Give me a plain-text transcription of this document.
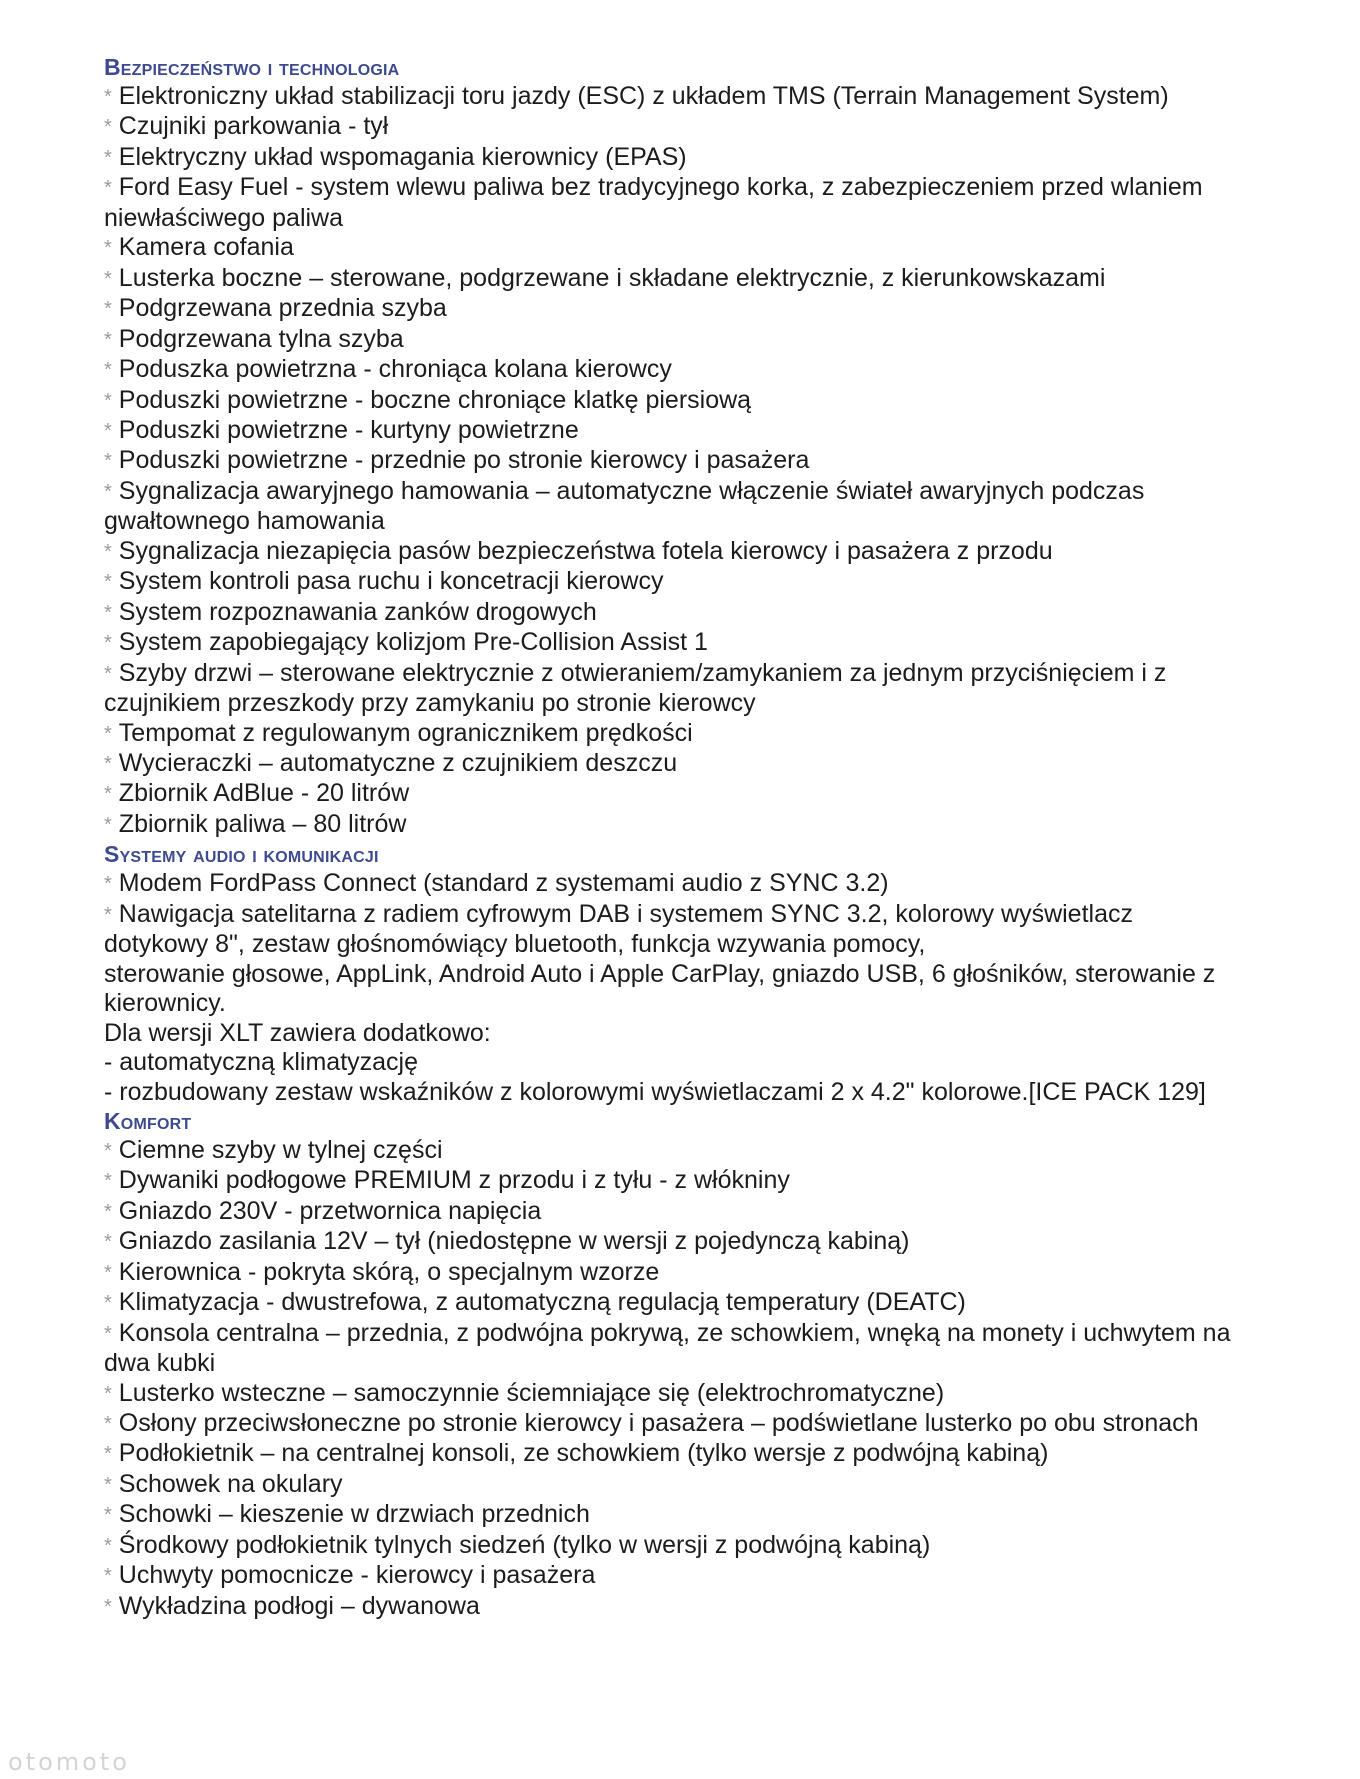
Bezpieczeństwo i technologia
* Elektroniczny układ stabilizacji toru jazdy (ESC) z układem TMS (Terrain Management System)
* Czujniki parkowania - tył
* Elektryczny układ wspomagania kierownicy (EPAS)
* Ford Easy Fuel - system wlewu paliwa bez tradycyjnego korka, z zabezpieczeniem przed wlaniem
niewłaściwego paliwa
* Kamera cofania
* Lusterka boczne – sterowane, podgrzewane i składane elektrycznie, z kierunkowskazami
* Podgrzewana przednia szyba
* Podgrzewana tylna szyba
* Poduszka powietrzna - chroniąca kolana kierowcy
* Poduszki powietrzne - boczne chroniące klatkę piersiową
* Poduszki powietrzne - kurtyny powietrzne
* Poduszki powietrzne - przednie po stronie kierowcy i pasażera
* Sygnalizacja awaryjnego hamowania – automatyczne włączenie świateł awaryjnych podczas
gwałtownego hamowania
* Sygnalizacja niezapięcia pasów bezpieczeństwa fotela kierowcy i pasażera z przodu
* System kontroli pasa ruchu i koncetracji kierowcy
* System rozpoznawania zanków drogowych
* System zapobiegający kolizjom Pre-Collision Assist 1
* Szyby drzwi – sterowane elektrycznie z otwieraniem/zamykaniem za jednym przyciśnięciem i z
czujnikiem przeszkody przy zamykaniu po stronie kierowcy
* Tempomat z regulowanym ogranicznikem prędkości
* Wycieraczki – automatyczne z czujnikiem deszczu
* Zbiornik AdBlue - 20 litrów
* Zbiornik paliwa – 80 litrów
Systemy audio i komunikacji
* Modem FordPass Connect (standard z systemami audio z SYNC 3.2)
* Nawigacja satelitarna z radiem cyfrowym DAB i systemem SYNC 3.2, kolorowy wyświetlacz
dotykowy 8", zestaw głośnomówiący bluetooth, funkcja wzywania pomocy,
sterowanie głosowe, AppLink, Android Auto i Apple CarPlay, gniazdo USB, 6 głośników, sterowanie z
kierownicy.
Dla wersji XLT zawiera dodatkowo:
- automatyczną klimatyzację
- rozbudowany zestaw wskaźników z kolorowymi wyświetlaczami 2 x 4.2" kolorowe.[ICE PACK 129]
Komfort
* Ciemne szyby w tylnej części
* Dywaniki podłogowe PREMIUM z przodu i z tyłu - z włókniny
* Gniazdo 230V - przetwornica napięcia
* Gniazdo zasilania 12V – tył (niedostępne w wersji z pojedynczą kabiną)
* Kierownica - pokryta skórą, o specjalnym wzorze
* Klimatyzacja - dwustrefowa, z automatyczną regulacją temperatury (DEATC)
* Konsola centralna – przednia, z podwójna pokrywą, ze schowkiem, wnęką na monety i uchwytem na
dwa kubki
* Lusterko wsteczne – samoczynnie ściemniające się (elektrochromatyczne)
* Osłony przeciwsłoneczne po stronie kierowcy i pasażera – podświetlane lusterko po obu stronach
* Podłokietnik – na centralnej konsoli, ze schowkiem (tylko wersje z podwójną kabiną)
* Schowek na okulary
* Schowki – kieszenie w drzwiach przednich
* Środkowy podłokietnik tylnych siedzeń (tylko w wersji z podwójną kabiną)
* Uchwyty pomocnicze - kierowcy i pasażera
* Wykładzina podłogi – dywanowa
otomoto
